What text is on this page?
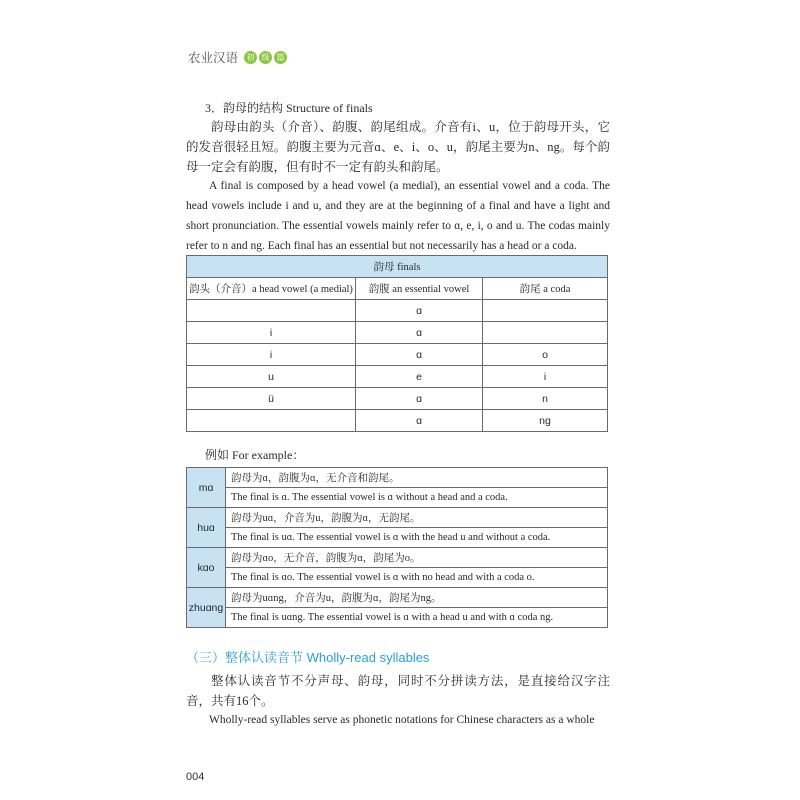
农业汉语	初 级 篇
3．韵母的结构 Structure of finals

韵母由韵头（介音）、韵腹、韵尾组成。介音有i、u，位于韵母开头，它的发音很轻且短。韵腹主要为元音ɑ、e、i、o、u，韵尾主要为n、ng。每个韵母一定会有韵腹，但有时不一定有韵头和韵尾。

A final is composed by a head vowel (a medial), an essential vowel and a coda. The head vowels include i and u, and they are at the beginning of a final and have a light and short pronunciation. The essential vowels mainly refer to ɑ, e, i, o and u. The codas mainly refer to n and ng. Each final has an essential but not necessarily has a head or a coda.

韵母 finals		
韵头（介音）a head vowel (a medial)	韵腹 an essential vowel	韵尾 a coda
	ɑ	
i	ɑ	
i	ɑ	o
u	e	i
ü	ɑ	n
	ɑ	ng
例如 For example：
mɑ	韵母为ɑ，韵腹为ɑ，无介音和韵尾。
	The final is ɑ. The essential vowel is ɑ without a head and a coda.
huɑ	韵母为uɑ，介音为u，韵腹为ɑ，无韵尾。
	The final is uɑ. The essential vowel is ɑ with the head u and without a coda.
kɑo	韵母为ɑo，无介音，韵腹为ɑ，韵尾为o。
	The final is ɑo. The essential vowel is ɑ with no head and with a coda o.
zhuɑng	韵母为uɑng，介音为u，韵腹为ɑ，韵尾为ng。
	The final is uɑng. The essential vowel is ɑ with a head u and with ɑ coda ng.
（三）整体认读音节 Wholly-read syllables

整体认读音节不分声母、韵母，同时不分拼读方法，是直接给汉字注音，共有16个。

Wholly-read syllables serve as phonetic notations for Chinese characters as a whole

004
